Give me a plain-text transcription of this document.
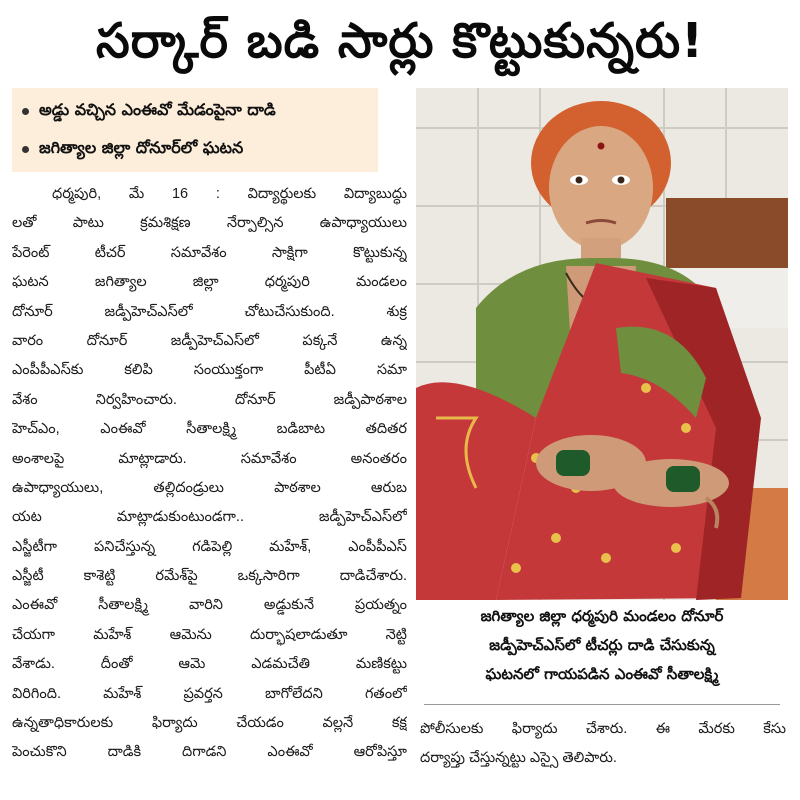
సర్కార్ బడి సార్లు కొట్టుకున్నరు!
అడ్డు వచ్చిన ఎంఈవో మేడంపైనా దాడి
జగిత్యాల జిల్లా దోనూర్‌లో ఘటన
ధర్మపురి, మే 16 : విద్యార్థులకు విద్యాబుద్ధు
లతో పాటు క్రమశిక్షణ నేర్పాల్సిన ఉపాధ్యాయులు
పేరెంట్ టీచర్ సమావేశం సాక్షిగా కొట్టుకున్న
ఘటన జగిత్యాల జిల్లా ధర్మపురి మండలం
దోనూర్ జడ్పీహెచ్ఎస్‌లో చోటుచేసుకుంది. శుక్ర
వారం దోనూర్ జడ్పీహెచ్ఎస్‌లో పక్కనే ఉన్న
ఎంపీపీఎస్‌కు కలిపి సంయుక్తంగా పీటీఏ సమా
వేశం నిర్వహించారు. దోనూర్ జడ్పీపాఠశాల
హెచ్ఎం, ఎంఈవో సీతాలక్ష్మి బడిబాట తదితర
అంశాలపై మాట్లాడారు. సమావేశం అనంతరం
ఉపాధ్యాయులు, తల్లిదండ్రులు పాఠశాల ఆరుబ
యట మాట్లాడుకుంటుండగా.. జడ్పీహెచ్ఎస్‌లో
ఎస్జీటీగా పనిచేస్తున్న గడిపెల్లి మహేశ్, ఎంపీపీఎస్
ఎస్జీటీ కాశెట్టి రమేశ్‌పై ఒక్కసారిగా దాడిచేశారు.
ఎంఈవో సీతాలక్ష్మి వారిని అడ్డుకునే ప్రయత్నం
చేయగా మహేశ్ ఆమెను దుర్భాషలాడుతూ నెట్టి
వేశాడు. దీంతో ఆమె ఎడమచేతి మణికట్టు
విరిగింది. మహేశ్ ప్రవర్తన బాగోలేదని గతంలో
ఉన్నతాధికారులకు ఫిర్యాదు చేయడం వల్లనే కక్ష
పెంచుకొని దాడికి దిగాడని ఎంఈవో ఆరోపిస్తూ
జగిత్యాల జిల్లా ధర్మపురి మండలం దోనూర్
జడ్పీహెచ్ఎస్‌లో టీచర్లు దాడి చేసుకున్న
ఘటనలో గాయపడిన ఎంఈవో సీతాలక్ష్మి
పోలీసులకు ఫిర్యాదు చేశారు. ఈ మేరకు కేసు
దర్యాప్తు చేస్తున్నట్టు ఎస్సై తెలిపారు.
